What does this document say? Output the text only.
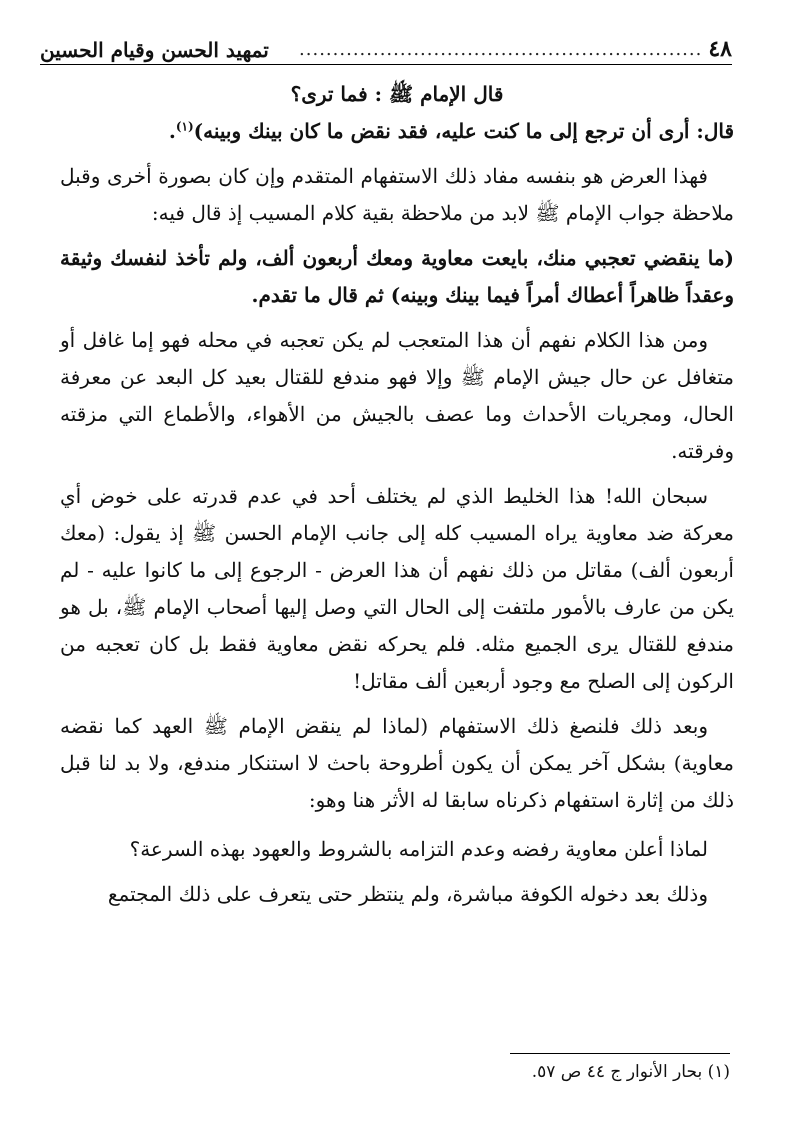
٤٨
............................................................
تمهيد الحسن وقيام الحسين

قال الإمام ﷺ : فما ترى؟

قال: أرى أن ترجع إلى ما كنت عليه، فقد نقض ما كان بينك وبينه)$^{(١)}$.

فهذا العرض هو بنفسه مفاد ذلك الاستفهام المتقدم وإن كان بصورة أخرى وقبل ملاحظة جواب الإمام ﷺ لابد من ملاحظة بقية كلام المسيب إذ قال فيه:

(ما ينقضي تعجبي منك، بايعت معاوية ومعك أربعون ألف، ولم تأخذ لنفسك وثيقة وعقداً ظاهراً أعطاك أمراً فيما بينك وبينه) ثم قال ما تقدم.

ومن هذا الكلام نفهم أن هذا المتعجب لم يكن تعجبه في محله فهو إما غافل أو متغافل عن حال جيش الإمام ﷺ وإلا فهو مندفع للقتال بعيد كل البعد عن معرفة الحال، ومجريات الأحداث وما عصف بالجيش من الأهواء، والأطماع التي مزقته وفرقته.

سبحان الله! هذا الخليط الذي لم يختلف أحد في عدم قدرته على خوض أي معركة ضد معاوية يراه المسيب كله إلى جانب الإمام الحسن ﷺ إذ يقول: (معك أربعون ألف) مقاتل من ذلك نفهم أن هذا العرض - الرجوع إلى ما كانوا عليه - لم يكن من عارف بالأمور ملتفت إلى الحال التي وصل إليها أصحاب الإمام ﷺ، بل هو مندفع للقتال يرى الجميع مثله. فلم يحركه نقض معاوية فقط بل كان تعجبه من الركون إلى الصلح مع وجود أربعين ألف مقاتل!

وبعد ذلك فلنصغ ذلك الاستفهام (لماذا لم ينقض الإمام ﷺ العهد كما نقضه معاوية) بشكل آخر يمكن أن يكون أطروحة باحث لا استنكار مندفع، ولا بد لنا قبل ذلك من إثارة استفهام ذكرناه سابقا له الأثر هنا وهو:

لماذا أعلن معاوية رفضه وعدم التزامه بالشروط والعهود بهذه السرعة؟

وذلك بعد دخوله الكوفة مباشرة، ولم ينتظر حتى يتعرف على ذلك المجتمع

(١) بحار الأنوار ج ٤٤ ص ٥٧.
